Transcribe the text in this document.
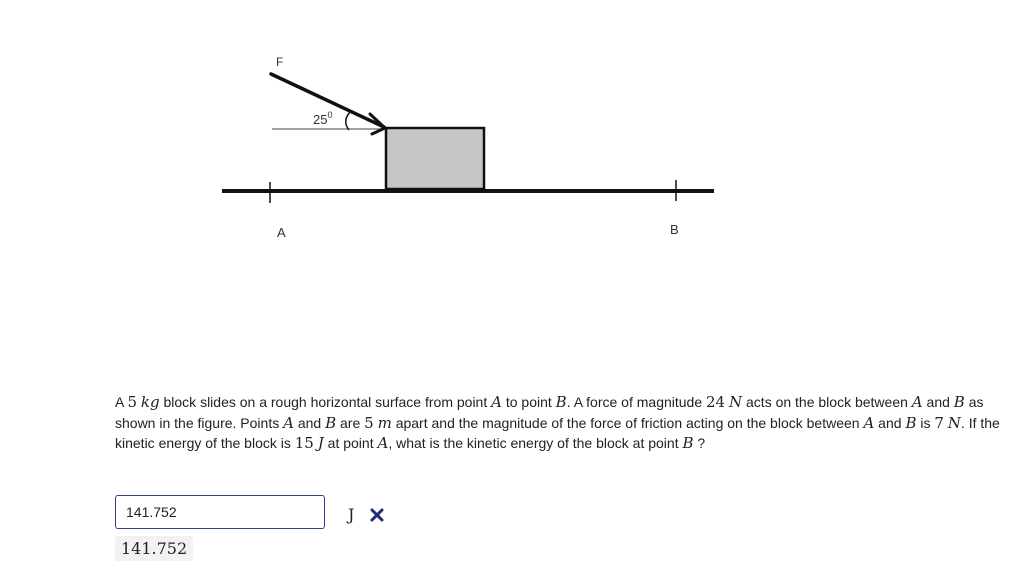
F
$25^0$
A	B
A 5 kg block slides on a rough horizontal surface from point A to point B. A force of magnitude 24 N acts on the block between A and B as shown in the figure. Points A and B are 5 m apart and the magnitude of the force of friction acting on the block between A and B is 7 N. If the kinetic energy of the block is 15 J at point A, what is the kinetic energy of the block at point B ?
141.752
J
141.752
